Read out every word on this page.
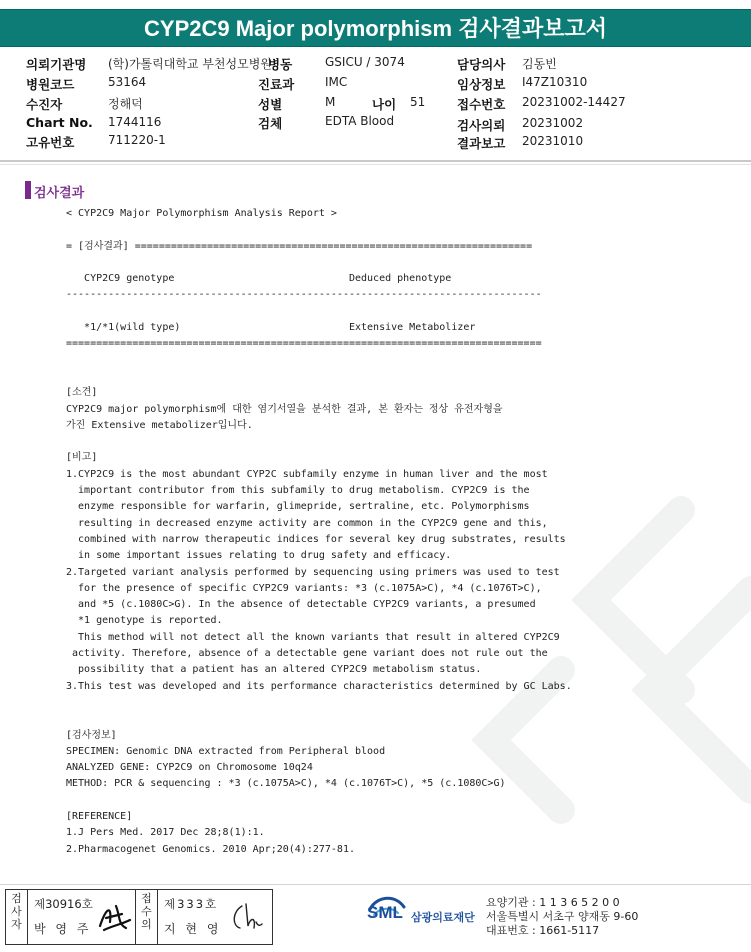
CYP2C9 Major polymorphism 검사결과보고서
의뢰기관명 (학)가톨릭대학교 부천성모병원
병원코드	53164
수진자	정해덕
Chart No. 1744116
고유번호	711220-1
병동	GSICU / 3074
진료과	IMC
성별	M	나이 51
검체	EDTA Blood
담당의사 김동빈
임상정보 I47Z10310
접수번호 20231002-14427
검사의뢰 20231002
결과보고 20231010
검사결과
< CYP2C9 Major Polymorphism Analysis Report >
= [검사결과] ==================================================================
CYP2C9 genotype                             Deduced phenotype
-------------------------------------------------------------------------------
*1/*1(wild type)                            Extensive Metabolizer
===============================================================================
[소견]
CYP2C9 major polymorphism에 대한 염기서열을 분석한 결과, 본 환자는 정상 유전자형을
가진 Extensive metabolizer입니다.
[비고]
1.CYP2C9 is the most abundant CYP2C subfamily enzyme in human liver and the most
important contributor from this subfamily to drug metabolism. CYP2C9 is the
enzyme responsible for warfarin, glimepride, sertraline, etc. Polymorphisms
resulting in decreased enzyme activity are common in the CYP2C9 gene and this,
combined with narrow therapeutic indices for several key drug substrates, results
in some important issues relating to drug safety and efficacy.
2.Targeted variant analysis performed by sequencing using primers was used to test
for the presence of specific CYP2C9 variants: *3 (c.1075A>C), *4 (c.1076T>C),
and *5 (c.1080C>G). In the absence of detectable CYP2C9 variants, a presumed
*1 genotype is reported.
This method will not detect all the known variants that result in altered CYP2C9
activity. Therefore, absence of a detectable gene variant does not rule out the
possibility that a patient has an altered CYP2C9 metabolism status.
3.This test was developed and its performance characteristics determined by GC Labs.
[검사정보]
SPECIMEN: Genomic DNA extracted from Peripheral blood
ANALYZED GENE: CYP2C9 on Chromosome 10q24
METHOD: PCR & sequencing : *3 (c.1075A>C), *4 (c.1076T>C), *5 (c.1080C>G)
[REFERENCE]
1.J Pers Med. 2017 Dec 28;8(1):1.
2.Pharmacogenet Genomics. 2010 Apr;20(4):277-81.
검
사
자
제30916호
박 영 주
접
수
의
제333호
지 현 영
SML 삼광의료재단
요양기관 : 1 1 3 6 5 2 0 0
서울특별시 서초구 양재동 9-60
대표번호 : 1661-5117
